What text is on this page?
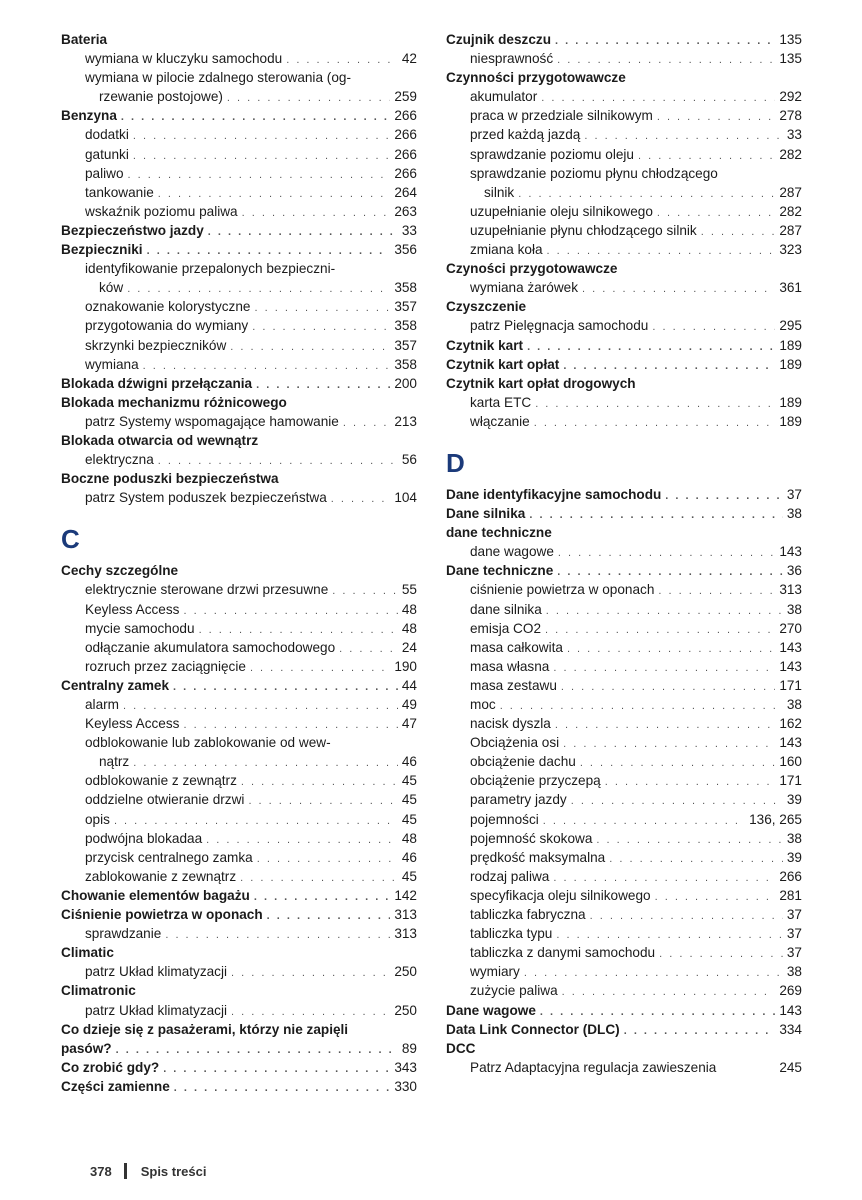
Bateria
wymiana w kluczyku samochodu . . .	42
wymiana w pilocie zdalnego sterowania (og-
rzewanie postojowe) . . .	259
Benzyna . . .	266
dodatki . . .	266
gatunki . . .	266
paliwo . . .	266
tankowanie . . .	264
wskaźnik poziomu paliwa . . .	263
Bezpieczeństwo jazdy . . .	33
Bezpieczniki . . .	356
identyfikowanie przepalonych bezpieczni-
ków . . .	358
oznakowanie kolorystyczne . . .	357
przygotowania do wymiany . . .	358
skrzynki bezpieczników . . .	357
wymiana . . .	358
Blokada dźwigni przełączania . . .	200
Blokada mechanizmu różnicowego
patrz Systemy wspomagające hamowanie . . .	213
Blokada otwarcia od wewnątrz
elektryczna . . .	56
Boczne poduszki bezpieczeństwa
patrz System poduszek bezpieczeństwa . . .	104
C
Cechy szczególne
elektrycznie sterowane drzwi przesuwne . . .	55
Keyless Access . . .	48
mycie samochodu . . .	48
odłączanie akumulatora samochodowego . . .	24
rozruch przez zaciągnięcie . . .	190
Centralny zamek . . .	44
alarm . . .	49
Keyless Access . . .	47
odblokowanie lub zablokowanie od wew-
nątrz . . .	46
odblokowanie z zewnątrz . . .	45
oddzielne otwieranie drzwi . . .	45
opis . . .	45
podwójna blokadaa . . .	48
przycisk centralnego zamka . . .	46
zablokowanie z zewnątrz . . .	45
Chowanie elementów bagażu . . .	142
Ciśnienie powietrza w oponach . . .	313
sprawdzanie . . .	313
Climatic
patrz Układ klimatyzacji . . .	250
Climatronic
patrz Układ klimatyzacji . . .	250
Co dzieje się z pasażerami, którzy nie zapięli
pasów? . . .	89
Co zrobić gdy? . . .	343
Części zamienne . . .	330
Czujnik deszczu . . .	135
niesprawność . . .	135
Czynności przygotowawcze
akumulator . . .	292
praca w przedziale silnikowym . . .	278
przed każdą jazdą . . .	33
sprawdzanie poziomu oleju . . .	282
sprawdzanie poziomu płynu chłodzącego
silnik . . .	287
uzupełnianie oleju silnikowego . . .	282
uzupełnianie płynu chłodzącego silnik . . .	287
zmiana koła . . .	323
Czyności przygotowawcze
wymiana żarówek . . .	361
Czyszczenie
patrz Pielęgnacja samochodu . . .	295
Czytnik kart . . .	189
Czytnik kart opłat . . .	189
Czytnik kart opłat drogowych
karta ETC . . .	189
włączanie . . .	189
D
Dane identyfikacyjne samochodu . . .	37
Dane silnika . . .	38
dane techniczne
dane wagowe . . .	143
Dane techniczne . . .	36
ciśnienie powietrza w oponach . . .	313
dane silnika . . .	38
emisja CO2 . . .	270
masa całkowita . . .	143
masa własna . . .	143
masa zestawu . . .	171
moc . . .	38
nacisk dyszla . . .	162
Obciążenia osi . . .	143
obciążenie dachu . . .	160
obciążenie przyczepą . . .	171
parametry jazdy . . .	39
pojemności . . .	136, 265
pojemność skokowa . . .	38
prędkość maksymalna . . .	39
rodzaj paliwa . . .	266
specyfikacja oleju silnikowego . . .	281
tabliczka fabryczna . . .	37
tabliczka typu . . .	37
tabliczka z danymi samochodu . . .	37
wymiary . . .	38
zużycie paliwa . . .	269
Dane wagowe . . .	143
Data Link Connector (DLC) . . .	334
DCC
Patrz Adaptacyjna regulacja zawieszenia	245
378 Spis treści
